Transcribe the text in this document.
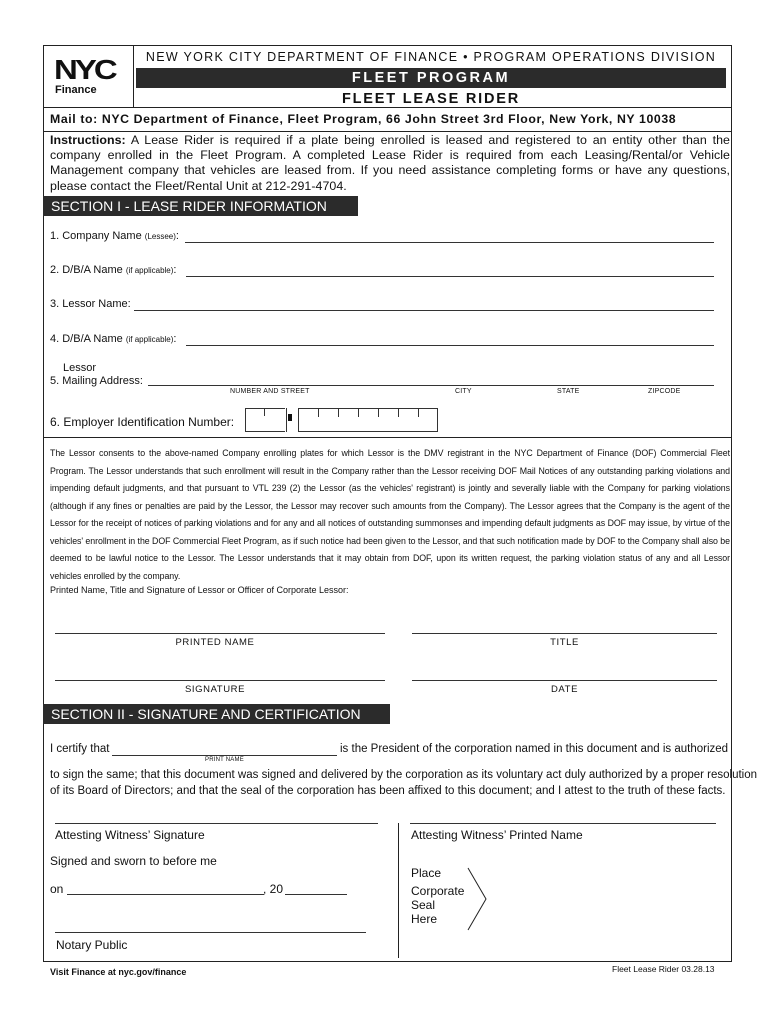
NYC
Finance
NEW YORK CITY DEPARTMENT OF FINANCE • PROGRAM OPERATIONS DIVISION
FLEET PROGRAM
FLEET LEASE RIDER
Mail to: NYC Department of Finance, Fleet Program, 66 John Street 3rd Floor, New York, NY 10038
Instructions: A Lease Rider is required if a plate being enrolled is leased and registered to an entity other than the company enrolled in the Fleet Program. A completed Lease Rider is required from each Leasing/Rental/or Vehicle Management company that vehicles are leased from. If you need assistance completing forms or have any questions, please contact the Fleet/Rental Unit at 212-291-4704.
SECTION I - LEASE RIDER INFORMATION
1. Company Name (Lessee):
2. D/B/A Name (if applicable):
3. Lessor Name:
4. D/B/A Name (if applicable):
Lessor
5. Mailing Address:
NUMBER AND STREET	CITY	STATE	ZIPCODE
6. Employer Identification Number:
The Lessor consents to the above-named Company enrolling plates for which Lessor is the DMV registrant in the NYC Department of Finance (DOF) Commercial Fleet Program. The Lessor understands that such enrollment will result in the Company rather than the Lessor receiving DOF Mail Notices of any outstanding parking violations and impending default judgments, and that pursuant to VTL 239 (2) the Lessor (as the vehicles' registrant) is jointly and severally liable with the Company for parking violations (although if any fines or penalties are paid by the Lessor, the Lessor may recover such amounts from the Company). The Lessor agrees that the Company is the agent of the Lessor for the receipt of notices of parking violations and for any and all notices of outstanding summonses and impending default judgments as DOF may issue, by virtue of the vehicles' enrollment in the DOF Commercial Fleet Program, as if such notice had been given to the Lessor, and that such notification made by DOF to the Company shall also be deemed to be lawful notice to the Lessor. The Lessor understands that it may obtain from DOF, upon its written request, the parking violation status of any and all Lessor vehicles enrolled by the company.
Printed Name, Title and Signature of Lessor or Officer of Corporate Lessor:
PRINTED NAME	TITLE
SIGNATURE	DATE
SECTION II - SIGNATURE AND CERTIFICATION
I certify that
PRINT NAME
is the President of the corporation named in this document and is authorized
to sign the same; that this document was signed and delivered by the corporation as its voluntary act duly authorized by a proper resolution
of its Board of Directors; and that the seal of the corporation has been affixed to this document; and I attest to the truth of these facts.
Attesting Witness’ Signature	Attesting Witness’ Printed Name
Signed and sworn to before me
on	, 20
Place
Corporate
Seal
Here
Notary Public
Visit Finance at nyc.gov/finance	Fleet Lease Rider 03.28.13
